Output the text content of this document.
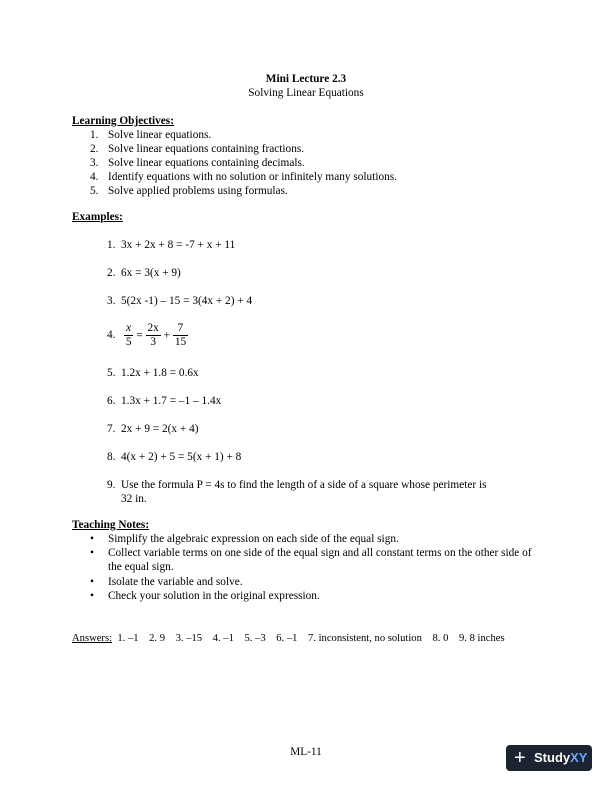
Mini Lecture 2.3
Solving Linear Equations
Learning Objectives:
1. Solve linear equations.
2. Solve linear equations containing fractions.
3. Solve linear equations containing decimals.
4. Identify equations with no solution or infinitely many solutions.
5. Solve applied problems using formulas.
Examples:
1. 3x + 2x + 8 = -7 + x + 11
2. 6x = 3(x + 9)
3. 5(2x -1) – 15 = 3(4x + 2) + 4
4. $\frac{x}{5} = \frac{2x}{3} + \frac{7}{15}$
5. 1.2x + 1.8 = 0.6x
6. 1.3x + 1.7 = –1 – 1.4x
7. 2x + 9 = 2(x + 4)
8. 4(x + 2) + 5 = 5(x + 1) + 8
9. Use the formula P = 4s to find the length of a side of a square whose perimeter is
32 in.
Teaching Notes:
• Simplify the algebraic expression on each side of the equal sign.
• Collect variable terms on one side of the equal sign and all constant terms on the other side of the equal sign.
• Isolate the variable and solve.
• Check your solution in the original expression.
Answers: 1. –1    2. 9    3. –15    4. –1    5. –3    6. –1    7. inconsistent, no solution    8. 0    9. 8 inches
ML-11	+ StudyXY
